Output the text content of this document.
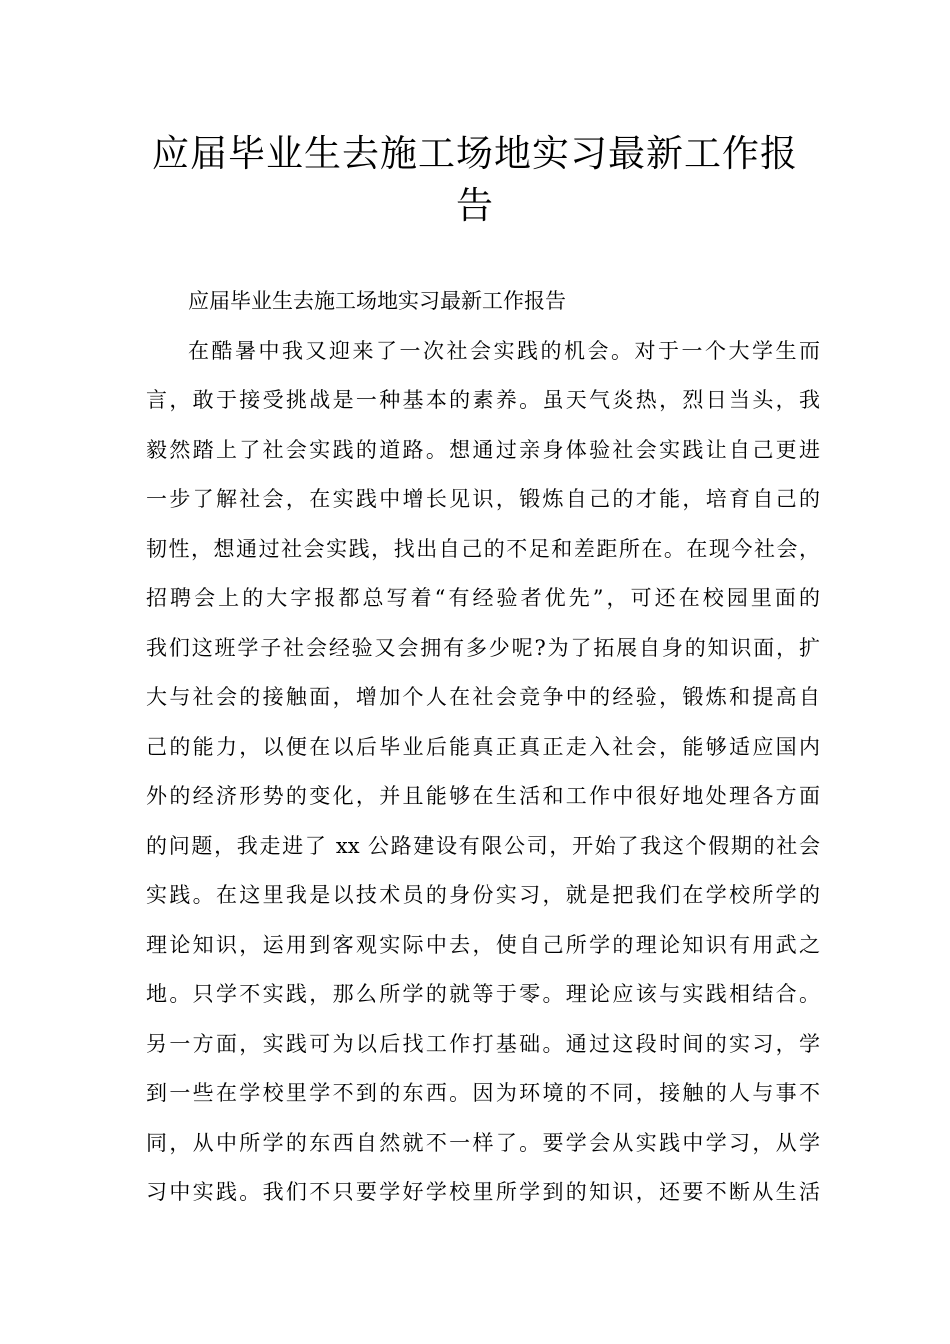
应届毕业生去施工场地实习最新工作报
告
应届毕业生去施工场地实习最新工作报告
在酷暑中我又迎来了一次社会实践的机会。对于一个大学生而
言，敢于接受挑战是一种基本的素养。虽天气炎热，烈日当头，我
毅然踏上了社会实践的道路。想通过亲身体验社会实践让自己更进
一步了解社会，在实践中增长见识，锻炼自己的才能，培育自己的
韧性，想通过社会实践，找出自己的不足和差距所在。在现今社会，
招聘会上的大字报都总写着“有经验者优先”，可还在校园里面的
我们这班学子社会经验又会拥有多少呢?为了拓展自身的知识面，扩
大与社会的接触面，增加个人在社会竞争中的经验，锻炼和提高自
己的能力，以便在以后毕业后能真正真正走入社会，能够适应国内
外的经济形势的变化，并且能够在生活和工作中很好地处理各方面
的问题，我走进了 xx 公路建设有限公司，开始了我这个假期的社会
实践。在这里我是以技术员的身份实习，就是把我们在学校所学的
理论知识，运用到客观实际中去，使自己所学的理论知识有用武之
地。只学不实践，那么所学的就等于零。理论应该与实践相结合。
另一方面，实践可为以后找工作打基础。通过这段时间的实习，学
到一些在学校里学不到的东西。因为环境的不同，接触的人与事不
同，从中所学的东西自然就不一样了。要学会从实践中学习，从学
习中实践。我们不只要学好学校里所学到的知识，还要不断从生活
